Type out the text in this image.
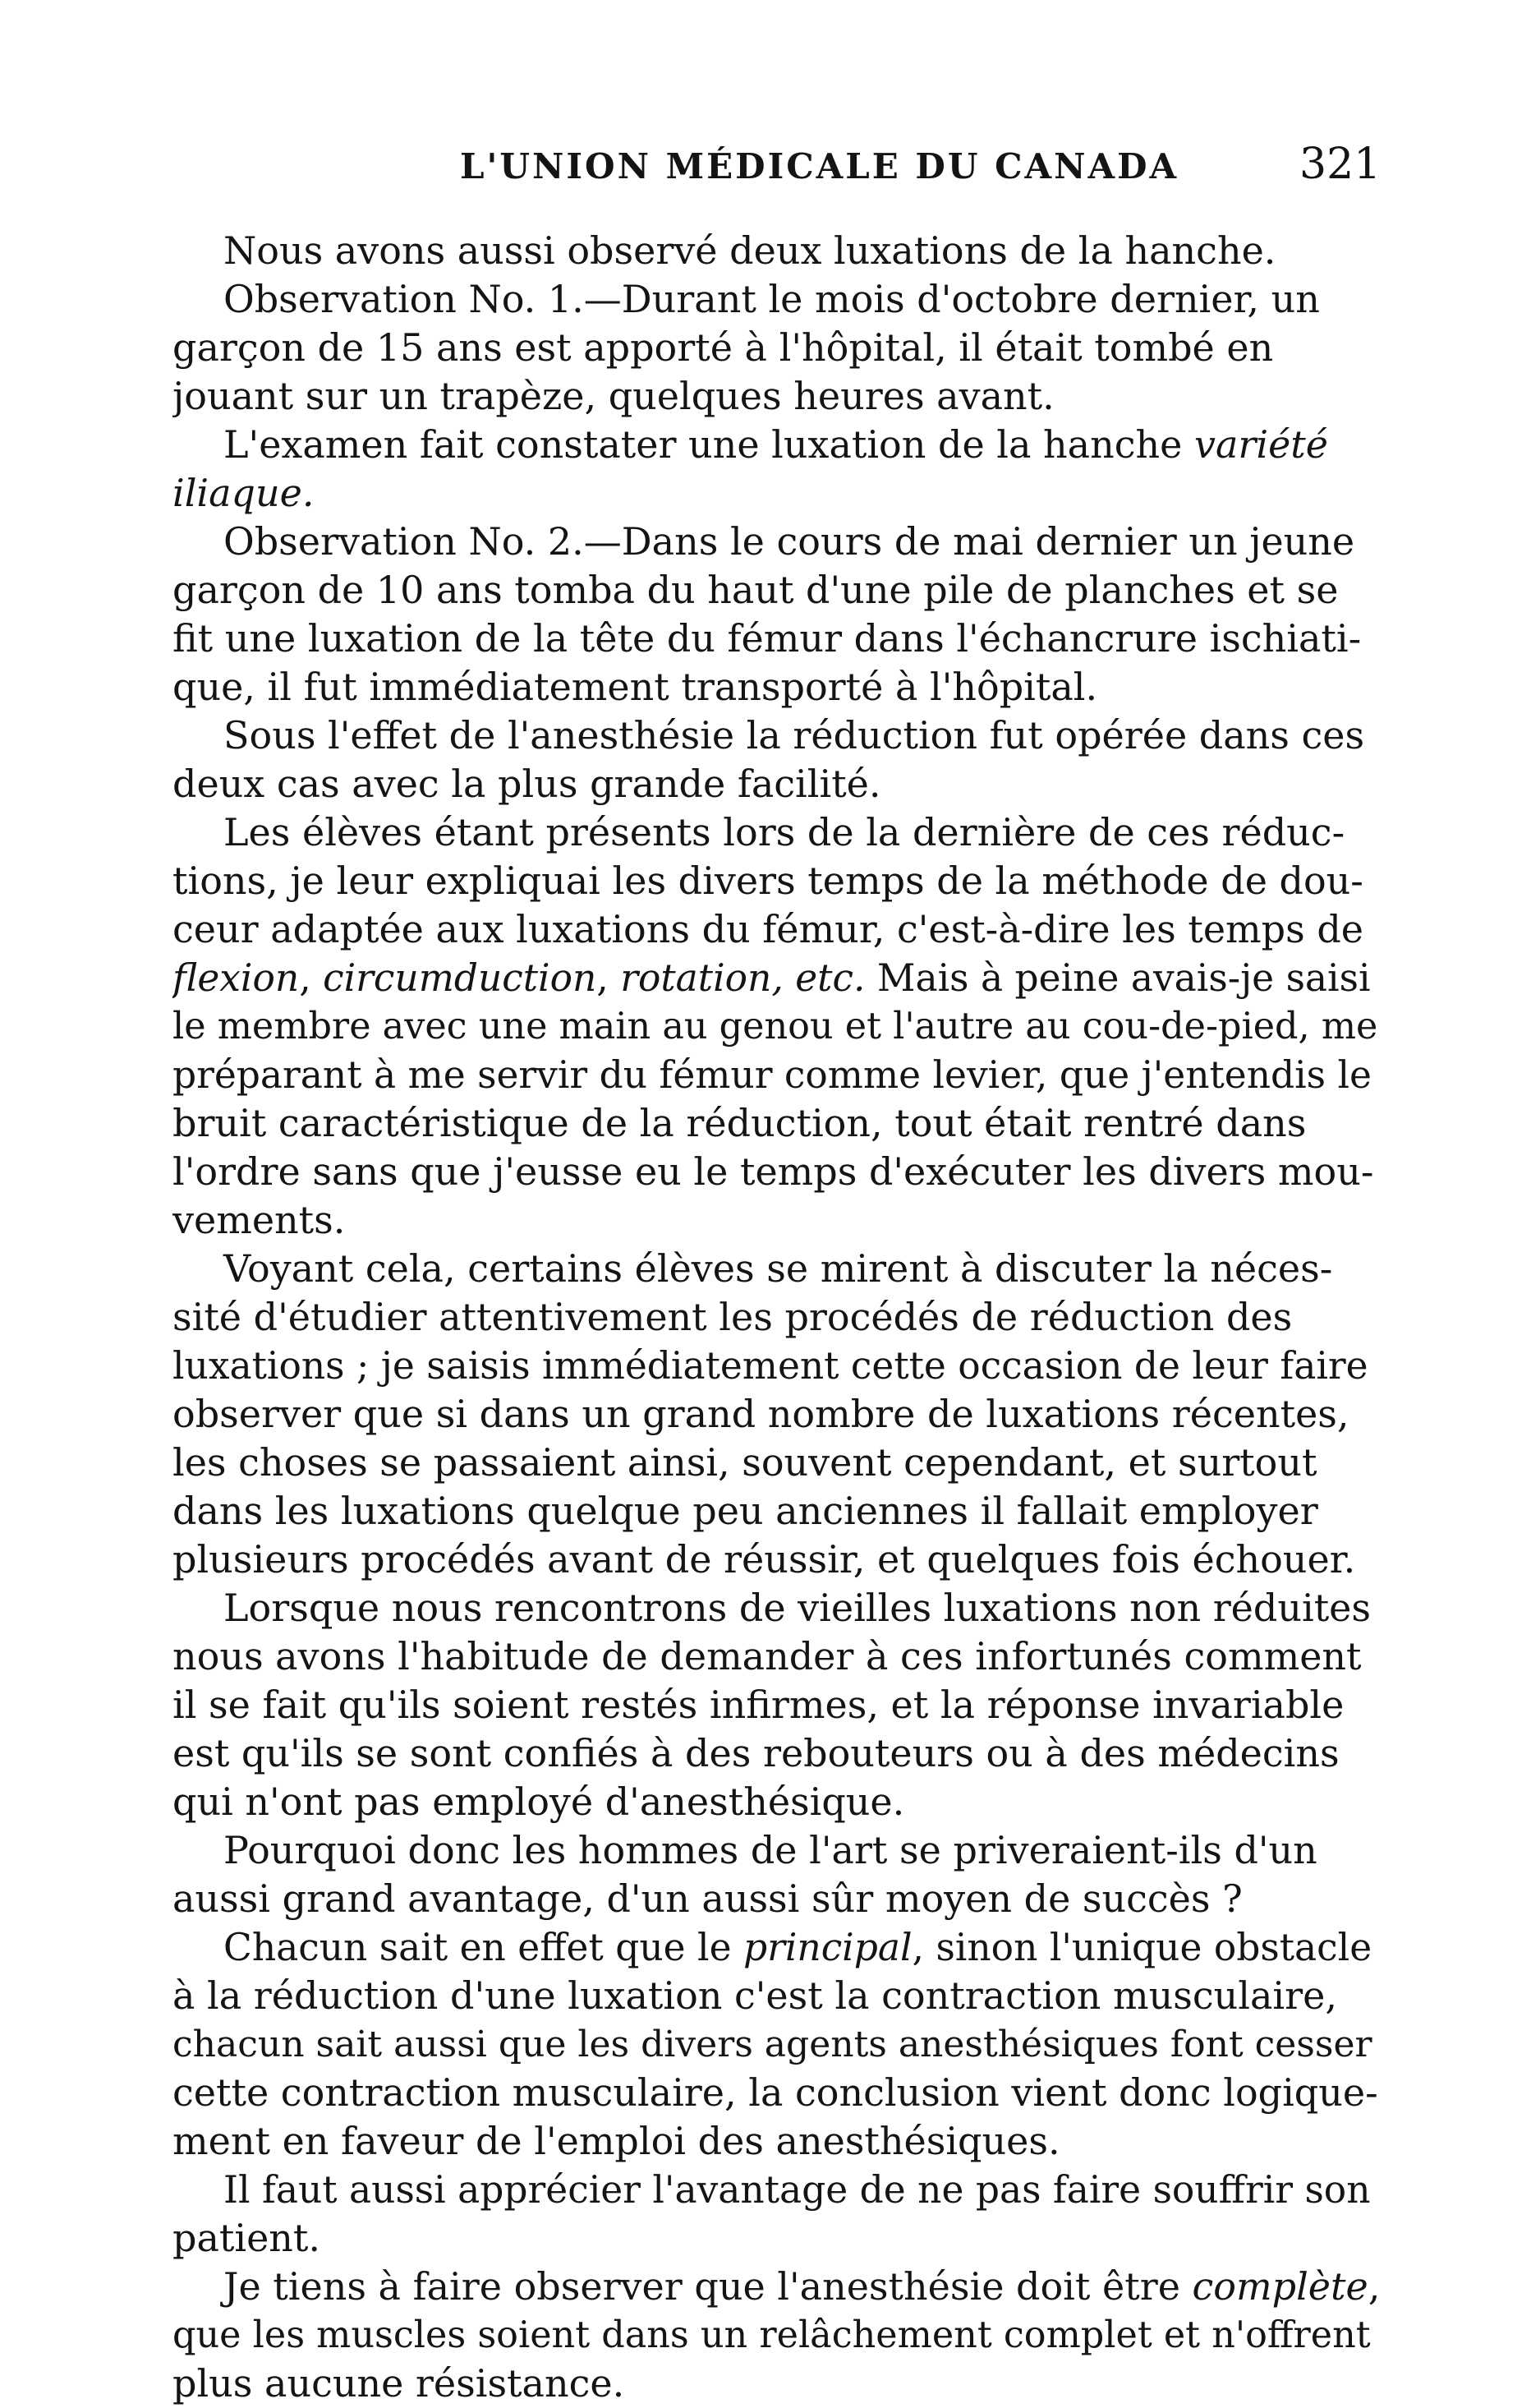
L'UNION MÉDICALE DU CANADA	321
Nous avons aussi observé deux luxations de la hanche.
Observation No. 1.—Durant le mois d'octobre dernier, un
garçon de 15 ans est apporté à l'hôpital, il était tombé en
jouant sur un trapèze, quelques heures avant.
L'examen fait constater une luxation de la hanche variété
iliaque.
Observation No. 2.—Dans le cours de mai dernier un jeune
garçon de 10 ans tomba du haut d'une pile de planches et se
fit une luxation de la tête du fémur dans l'échancrure ischiati-
que, il fut immédiatement transporté à l'hôpital.
Sous l'effet de l'anesthésie la réduction fut opérée dans ces
deux cas avec la plus grande facilité.
Les élèves étant présents lors de la dernière de ces réduc-
tions, je leur expliquai les divers temps de la méthode de dou-
ceur adaptée aux luxations du fémur, c'est-à-dire les temps de
flexion, circumduction, rotation, etc. Mais à peine avais-je saisi
le membre avec une main au genou et l'autre au cou-de-pied, me
préparant à me servir du fémur comme levier, que j'entendis le
bruit caractéristique de la réduction, tout était rentré dans
l'ordre sans que j'eusse eu le temps d'exécuter les divers mou-
vements.
Voyant cela, certains élèves se mirent à discuter la néces-
sité d'étudier attentivement les procédés de réduction des
luxations ; je saisis immédiatement cette occasion de leur faire
observer que si dans un grand nombre de luxations récentes,
les choses se passaient ainsi, souvent cependant, et surtout
dans les luxations quelque peu anciennes il fallait employer
plusieurs procédés avant de réussir, et quelques fois échouer.
Lorsque nous rencontrons de vieilles luxations non réduites
nous avons l'habitude de demander à ces infortunés comment
il se fait qu'ils soient restés infirmes, et la réponse invariable
est qu'ils se sont confiés à des rebouteurs ou à des médecins
qui n'ont pas employé d'anesthésique.
Pourquoi donc les hommes de l'art se priveraient-ils d'un
aussi grand avantage, d'un aussi sûr moyen de succès ?
Chacun sait en effet que le principal, sinon l'unique obstacle
à la réduction d'une luxation c'est la contraction musculaire,
chacun sait aussi que les divers agents anesthésiques font cesser
cette contraction musculaire, la conclusion vient donc logique-
ment en faveur de l'emploi des anesthésiques.
Il faut aussi apprécier l'avantage de ne pas faire souffrir son
patient.
Je tiens à faire observer que l'anesthésie doit être complète,
que les muscles soient dans un relâchement complet et n'offrent
plus aucune résistance.
